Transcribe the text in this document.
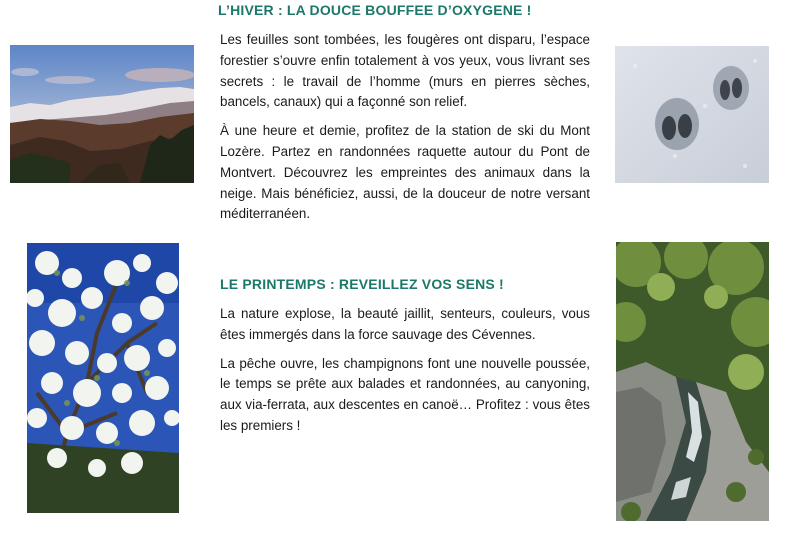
L’HIVER : LA DOUCE BOUFFEE D’OXYGENE !

Les feuilles sont tombées, les fougères ont disparu, l’espace forestier s’ouvre enfin totalement à vos yeux, vous livrant ses secrets : le travail de l’homme (murs en pierres sèches, bancels, canaux) qui a façonné son relief.

À une heure et demie, profitez de la station de ski du Mont Lozère. Partez en randonnées raquette autour du Pont de Montvert. Découvrez les empreintes des animaux dans la neige. Mais bénéficiez, aussi, de la douceur de notre versant méditerranéen.

LE PRINTEMPS : REVEILLEZ VOS SENS !

La nature explose, la beauté jaillit, senteurs, couleurs, vous êtes immergés dans la force sauvage des Cévennes.

La pêche ouvre, les champignons font une nouvelle poussée, le temps se prête aux balades et randonnées, au canyoning, aux via-ferrata, aux descentes en canoë… Profitez : vous êtes les premiers !
